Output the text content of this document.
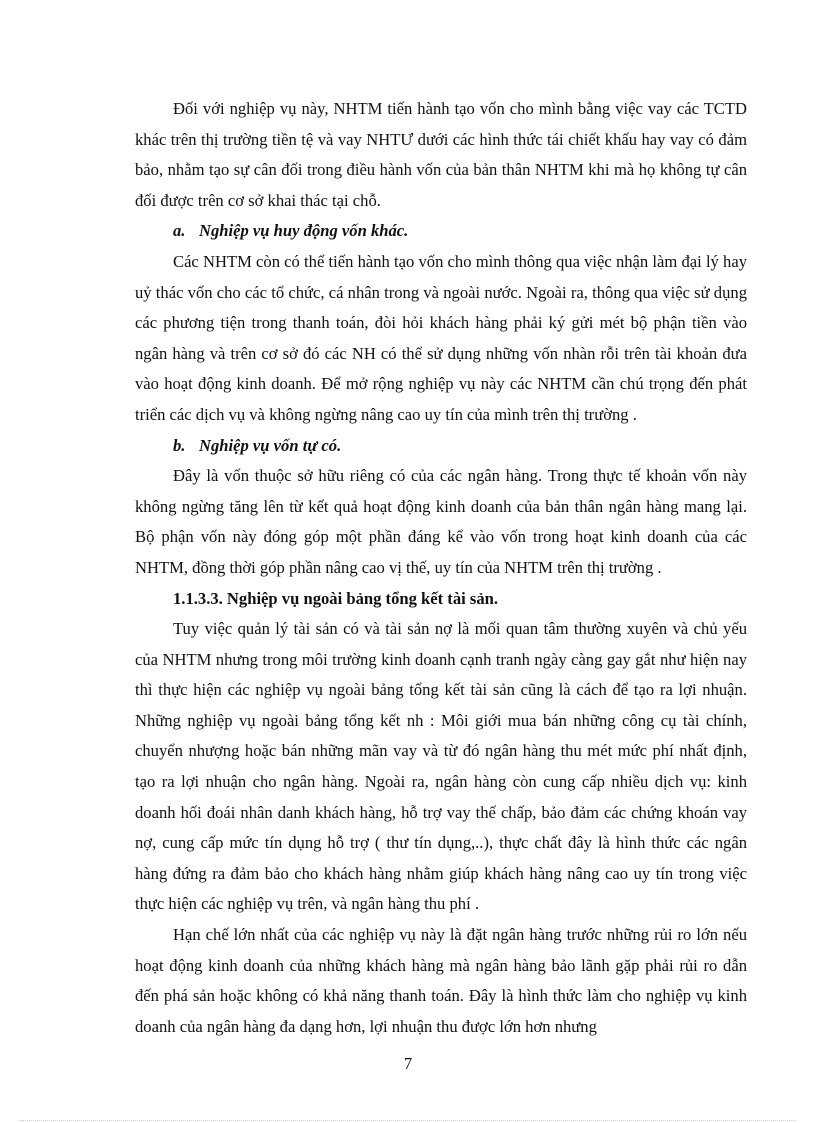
Đối với nghiệp vụ này, NHTM tiến hành tạo vốn cho mình bằng việc vay các TCTD khác trên thị trường tiền tệ và vay NHTƯ dưới các hình thức tái chiết khấu hay vay có đảm bảo, nhằm tạo sự cân đối trong điều hành vốn của bản thân NHTM khi mà họ không tự cân đối được trên cơ sở khai thác tại chỗ.

a. Nghiệp vụ huy động vốn khác.

Các NHTM còn có thể tiến hành tạo vốn cho mình thông qua việc nhận làm đại lý hay uỷ thác vốn cho các tổ chức, cá nhân trong và ngoài nước. Ngoài ra, thông qua việc sử dụng các phương tiện trong thanh toán, đòi hỏi khách hàng phải ký gửi mét bộ phận tiền vào ngân hàng và trên cơ sở đó các NH có thể sử dụng những vốn nhàn rỗi trên tài khoản đưa vào hoạt động kinh doanh. Để mở rộng nghiệp vụ này các NHTM cần chú trọng đến phát triển các dịch vụ và không ngừng nâng cao uy tín của mình trên thị trường .

b. Nghiệp vụ vốn tự có.

Đây là vốn thuộc sở hữu riêng có của các ngân hàng. Trong thực tế khoản vốn này không ngừng tăng lên từ kết quả hoạt động kinh doanh của bản thân ngân hàng mang lại. Bộ phận vốn này đóng góp một phần đáng kể vào vốn trong hoạt kinh doanh của các NHTM, đồng thời góp phần nâng cao vị thế, uy tín của NHTM trên thị trường .

1.1.3.3. Nghiệp vụ ngoài bảng tổng kết tài sản.

Tuy việc quản lý tài sản có và tài sản nợ là mối quan tâm thường xuyên và chủ yếu của NHTM nhưng trong môi trường kinh doanh cạnh tranh ngày càng gay gắt như hiện nay thì thực hiện các nghiệp vụ ngoài bảng tổng kết tài sản cũng là cách để tạo ra lợi nhuận. Những nghiệp vụ ngoài bảng tổng kết nh : Môi giới mua bán những công cụ tài chính, chuyển nhượng hoặc bán những mãn vay và từ đó ngân hàng thu mét mức phí nhất định, tạo ra lợi nhuận cho ngân hàng. Ngoài ra, ngân hàng còn cung cấp nhiều dịch vụ: kinh doanh hối đoái nhân danh khách hàng, hỗ trợ vay thế chấp, bảo đảm các chứng khoán vay nợ, cung cấp mức tín dụng hỗ trợ ( thư tín dụng,..), thực chất đây là hình thức các ngân hàng đứng ra đảm bảo cho khách hàng nhằm giúp khách hàng nâng cao uy tín trong việc thực hiện các nghiệp vụ trên, và ngân hàng thu phí .

Hạn chế lớn nhất của các nghiệp vụ này là đặt ngân hàng trước những rủi ro lớn nếu hoạt động kinh doanh của những khách hàng mà ngân hàng bảo lãnh gặp phải rủi ro dẫn đến phá sản hoặc không có khả năng thanh toán. Đây là hình thức làm cho nghiệp vụ kinh doanh của ngân hàng đa dạng hơn, lợi nhuận thu được lớn hơn nhưng

7
